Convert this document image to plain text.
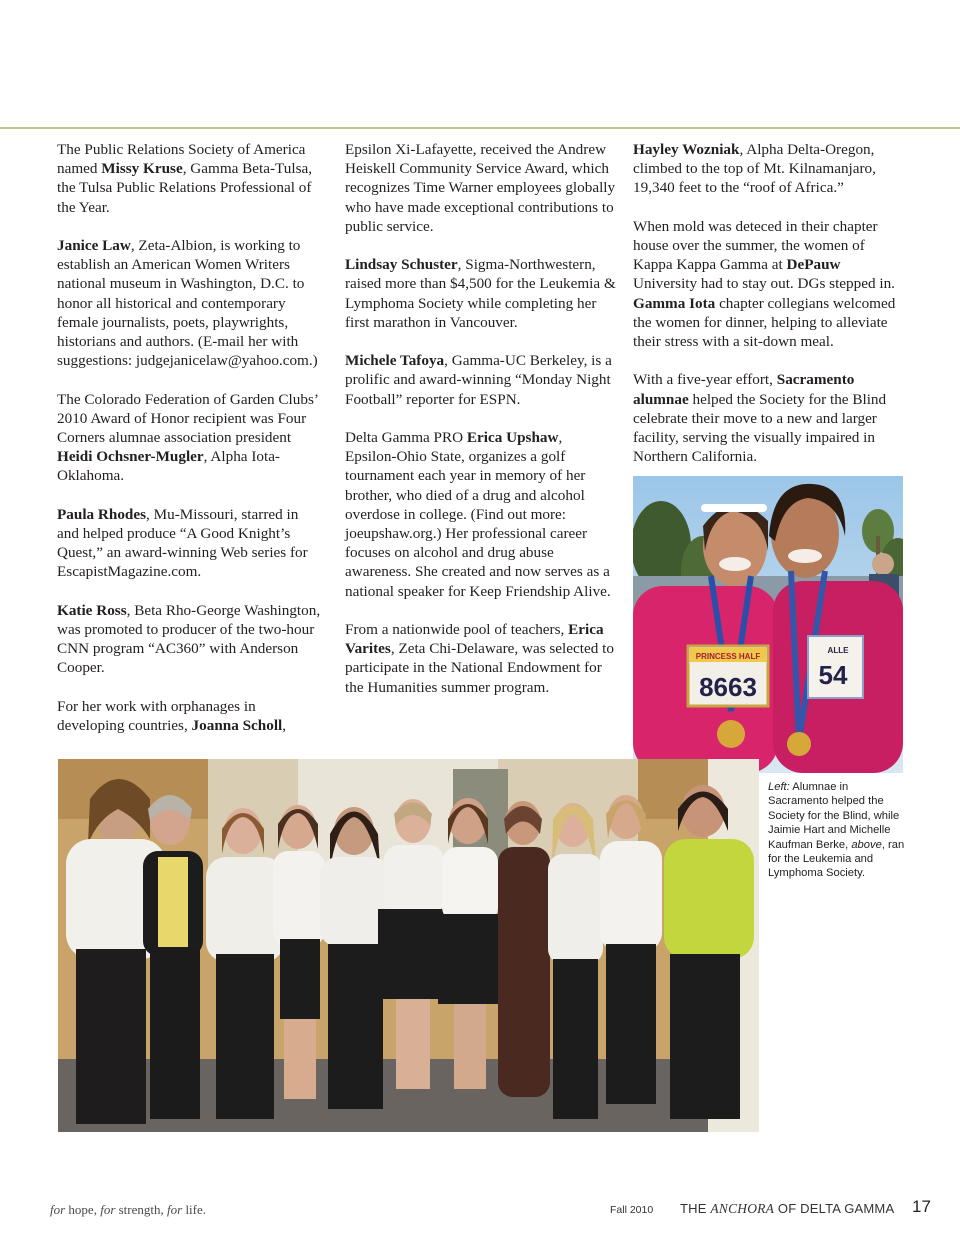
The Public Relations Society of America named Missy Kruse, Gamma Beta-Tulsa, the Tulsa Public Relations Professional of the Year.

Janice Law, Zeta-Albion, is working to establish an American Women Writers national museum in Washington, D.C. to honor all historical and contemporary female journalists, poets, playwrights, historians and authors. (E-mail her with suggestions: judgejanicelaw@yahoo.com.)

The Colorado Federation of Garden Clubs’ 2010 Award of Honor recipient was Four Corners alumnae association president Heidi Ochsner-Mugler, Alpha Iota-Oklahoma.

Paula Rhodes, Mu-Missouri, starred in and helped produce “A Good Knight’s Quest,” an award-winning Web series for EscapistMagazine.com.

Katie Ross, Beta Rho-George Washington, was promoted to producer of the two-hour CNN program “AC360” with Anderson Cooper.

For her work with orphanages in developing countries, Joanna Scholl,

Epsilon Xi-Lafayette, received the Andrew Heiskell Community Service Award, which recognizes Time Warner employees globally who have made exceptional contributions to public service.

Lindsay Schuster, Sigma-Northwestern, raised more than $4,500 for the Leukemia & Lymphoma Society while completing her first marathon in Vancouver.

Michele Tafoya, Gamma-UC Berkeley, is a prolific and award-winning “Monday Night Football” reporter for ESPN.

Delta Gamma PRO Erica Upshaw, Epsilon-Ohio State, organizes a golf tournament each year in memory of her brother, who died of a drug and alcohol overdose in college. (Find out more: joeupshaw.org.) Her professional career focuses on alcohol and drug abuse awareness. She created and now serves as a national speaker for Keep Friendship Alive.

From a nationwide pool of teachers, Erica Varites, Zeta Chi-Delaware, was selected to participate in the National Endowment for the Humanities summer program.

Hayley Wozniak, Alpha Delta-Oregon, climbed to the top of Mt. Kilnamanjaro, 19,340 feet to the “roof of Africa.”

When mold was deteced in their chapter house over the summer, the women of Kappa Kappa Gamma at DePauw University had to stay out. DGs stepped in. Gamma Iota chapter collegians welcomed the women for dinner, helping to alleviate their stress with a sit-down meal.

With a five-year effort, Sacramento alumnae helped the Society for the Blind celebrate their move to a new and larger facility, serving the visually impaired in Northern California.

PRINCESS HALF
8663
ALLE
54
Left: Alumnae in Sacramento helped the Society for the Blind, while Jaimie Hart and Michelle Kaufman Berke, above, ran for the Leukemia and Lymphoma Society.
for hope, for strength, for life.	Fall 2010 THE ANCHORA OF DELTA GAMMA 17
